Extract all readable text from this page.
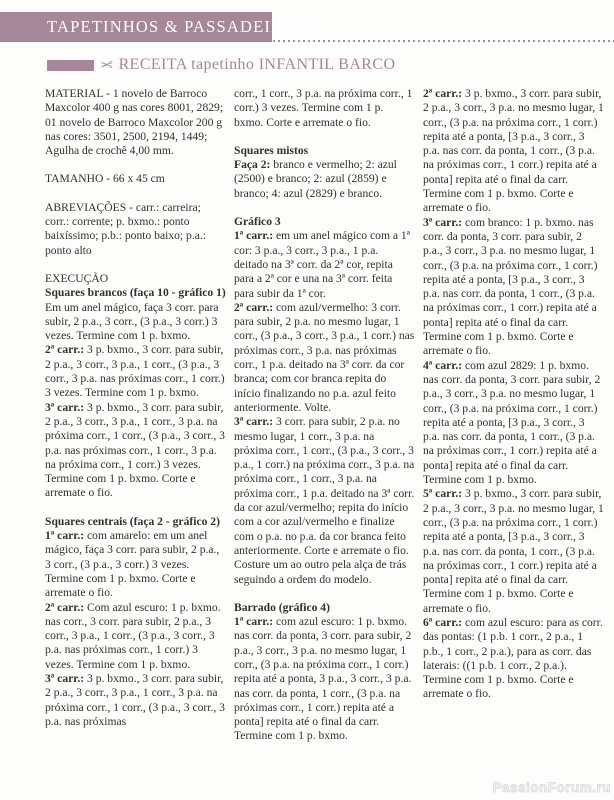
TAPETINHOS & PASSADEIRAS
✂ RECEITA tapetinho INFANTIL BARCO

MATERIAL - 1 novelo de Barroco Maxcolor 400 g nas cores 8001, 2829; 01 novelo de Barroco Maxcolor 200 g nas cores: 3501, 2500, 2194, 1449; Agulha de crochê 4,00 mm.

TAMANHO - 66 x 45 cm

ABREVIAÇÕES - carr.: carreira; corr.: corrente; p. bxmo.: ponto baixíssimo; p.b.: ponto baixo; p.a.: ponto alto

EXECUÇÃO

Squares brancos (faça 10 - gráfico 1)

Em um anel mágico, faça 3 corr. para subir, 2 p.a., 3 corr., (3 p.a., 3 corr.) 3 vezes. Termine com 1 p. bxmo.

2ª carr.: 3 p. bxmo., 3 corr. para subir, 2 p.a., 3 corr., 3 p.a., 1 corr., (3 p.a., 3 corr., 3 p.a. nas próximas corr., 1 corr.) 3 vezes. Termine com 1 p. bxmo.

3ª carr.: 3 p. bxmo., 3 corr. para subir, 2 p.a., 3 corr., 3 p.a., 1 corr., 3 p.a. na próxima corr., 1 corr., (3 p.a., 3 corr., 3 p.a. nas próximas corr., 1 corr., 3 p.a. na próxima corr., 1 corr.) 3 vezes. Termine com 1 p. bxmo. Corte e arremate o fio.

Squares centrais (faça 2 - gráfico 2)

1ª carr.: com amarelo: em um anel mágico, faça 3 corr. para subir, 2 p.a., 3 corr., (3 p.a., 3 corr.) 3 vezes. Termine com 1 p. bxmo. Corte e arremate o fio.

2ª carr.: Com azul escuro: 1 p. bxmo. nas corr., 3 corr. para subir, 2 p.a., 3 corr., 3 p.a., 1 corr., (3 p.a., 3 corr., 3 p.a. nas próximas corr., 1 corr.) 3 vezes. Termine com 1 p. bxmo.

3ª carr.: 3 p. bxmo., 3 corr. para subir, 2 p.a., 3 corr., 3 p.a., 1 corr., 3 p.a. na próxima corr., 1 corr., (3 p.a., 3 corr., 3 p.a. nas próximas

corr., 1 corr., 3 p.a. na próxima corr., 1 corr.) 3 vezes. Termine com 1 p. bxmo. Corte e arremate o fio.

Squares mistos

Faça 2: branco e vermelho; 2: azul (2500) e branco; 2: azul (2859) e branco; 4: azul (2829) e branco.

Gráfico 3

1ª carr.: em um anel mágico com a 1ª cor: 3 p.a., 3 corr., 3 p.a., 1 p.a. deitado na 3ª corr. da 2ª cor, repita para a 2ª cor e una na 3ª corr. feita para subir da 1ª cor.

2ª carr.: com azul/vermelho: 3 corr. para subir, 2 p.a. no mesmo lugar, 1 corr., (3 p.a., 3 corr., 3 p.a., 1 corr.) nas próximas corr., 3 p.a. nas próximas corr., 1 p.a. deitado na 3ª corr. da cor branca; com cor branca repita do início finalizando no p.a. azul feito anteriormente. Volte.

3ª carr.: 3 corr. para subir, 2 p.a. no mesmo lugar, 1 corr., 3 p.a. na próxima corr., 1 corr., (3 p.a., 3 corr., 3 p.a., 1 corr.) na próxima corr., 3 p.a. na próxima corr., 1 corr., 3 p.a. na próxima corr., 1 p.a. deitado na 3ª corr. da cor azul/vermelho; repita do início com a cor azul/vermelho e finalize com o p.a. no p.a. da cor branca feito anteriormente. Corte e arremate o fio. Costure um ao outro pela alça de trás seguindo a ordem do modelo.

Barrado (gráfico 4)

1ª carr.: com azul escuro: 1 p. bxmo. nas corr. da ponta, 3 corr. para subir, 2 p.a., 3 corr., 3 p.a. no mesmo lugar, 1 corr., (3 p.a. na próxima corr., 1 corr.) repita até a ponta, 3 p.a., 3 corr., 3 p.a. nas corr. da ponta, 1 corr., (3 p.a. na próximas corr., 1 corr.) repita até a ponta] repita até o final da carr. Termine com 1 p. bxmo.

2ª carr.: 3 p. bxmo., 3 corr. para subir, 2 p.a., 3 corr., 3 p.a. no mesmo lugar, 1 corr., (3 p.a. na próxima corr., 1 corr.) repita até a ponta, [3 p.a., 3 corr., 3 p.a. nas corr. da ponta, 1 corr., (3 p.a. na próximas corr., 1 corr.) repita até a ponta] repita até o final da carr. Termine com 1 p. bxmo. Corte e arremate o fio.

3ª carr.: com branco: 1 p. bxmo. nas corr. da ponta, 3 corr. para subir, 2 p.a., 3 corr., 3 p.a. no mesmo lugar, 1 corr., (3 p.a. na próxima corr., 1 corr.) repita até a ponta, [3 p.a., 3 corr., 3 p.a. nas corr. da ponta, 1 corr., (3 p.a. na próximas corr., 1 corr.) repita até a ponta] repita até o final da carr. Termine com 1 p. bxmo. Corte e arremate o fio.

4ª carr.: com azul 2829: 1 p. bxmo. nas corr. da ponta, 3 corr. para subir, 2 p.a., 3 corr., 3 p.a. no mesmo lugar, 1 corr., (3 p.a. na próxima corr., 1 corr.) repita até a ponta, [3 p.a., 3 corr., 3 p.a. nas corr. da ponta, 1 corr., (3 p.a. na próximas corr., 1 corr.) repita até a ponta] repita até o final da carr. Termine com 1 p. bxmo.

5ª carr.: 3 p. bxmo., 3 corr. para subir, 2 p.a., 3 corr., 3 p.a. no mesmo lugar, 1 corr., (3 p.a. na próxima corr., 1 corr.) repita até a ponta, [3 p.a., 3 corr., 3 p.a. nas corr. da ponta, 1 corr., (3 p.a. na próximas corr., 1 corr.) repita até a ponta] repita até o final da carr. Termine com 1 p. bxmo. Corte e arremate o fio.

6ª carr.: com azul escuro: para as corr. das pontas: (1 p.b. 1 corr., 2 p.a., 1 p.b., 1 corr., 2 p.a.), para as corr. das laterais: ((1 p.b. 1 corr., 2 p.a.). Termine com 1 p. bxmo. Corte e arremate o fio.

PassionForum.ru
